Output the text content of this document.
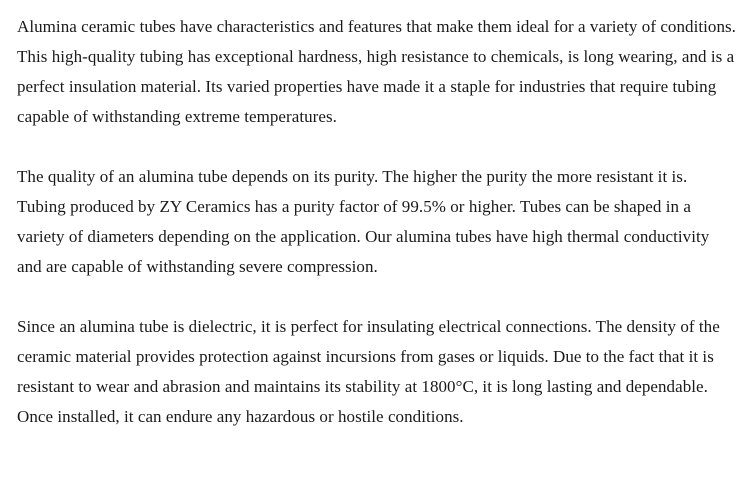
Alumina ceramic tubes have characteristics and features that make them ideal for a variety of conditions. This high-quality tubing has exceptional hardness, high resistance to chemicals, is long wearing, and is a perfect insulation material. Its varied properties have made it a staple for industries that require tubing capable of withstanding extreme temperatures.

The quality of an alumina tube depends on its purity. The higher the purity the more resistant it is. Tubing produced by ZY Ceramics has a purity factor of 99.5% or higher. Tubes can be shaped in a variety of diameters depending on the application. Our alumina tubes have high thermal conductivity and are capable of withstanding severe compression.

Since an alumina tube is dielectric, it is perfect for insulating electrical connections. The density of the ceramic material provides protection against incursions from gases or liquids. Due to the fact that it is resistant to wear and abrasion and maintains its stability at 1800°C, it is long lasting and dependable. Once installed, it can endure any hazardous or hostile conditions.
